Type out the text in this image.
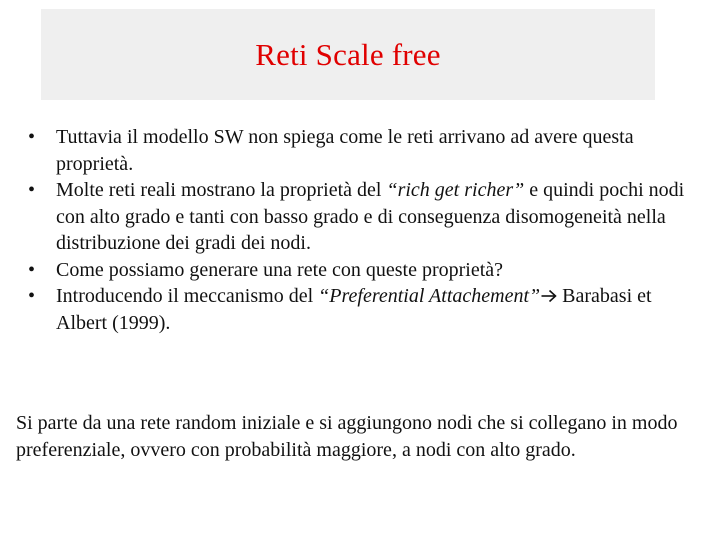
Reti Scale free
•	Tuttavia il modello SW non spiega come le reti arrivano ad avere questa proprietà.
•	Molte reti reali mostrano la proprietà del “rich get richer” e quindi pochi nodi con alto grado e tanti con basso grado e di conseguenza disomogeneità nella distribuzione dei gradi dei nodi.
•	Come possiamo generare una rete con queste proprietà?
•	Introducendo il meccanismo del “Preferential Attachement” Barabasi et Albert (1999).

Si parte da una rete random iniziale e si aggiungono nodi che si collegano in modo preferenziale, ovvero con probabilità maggiore, a nodi con alto grado.
